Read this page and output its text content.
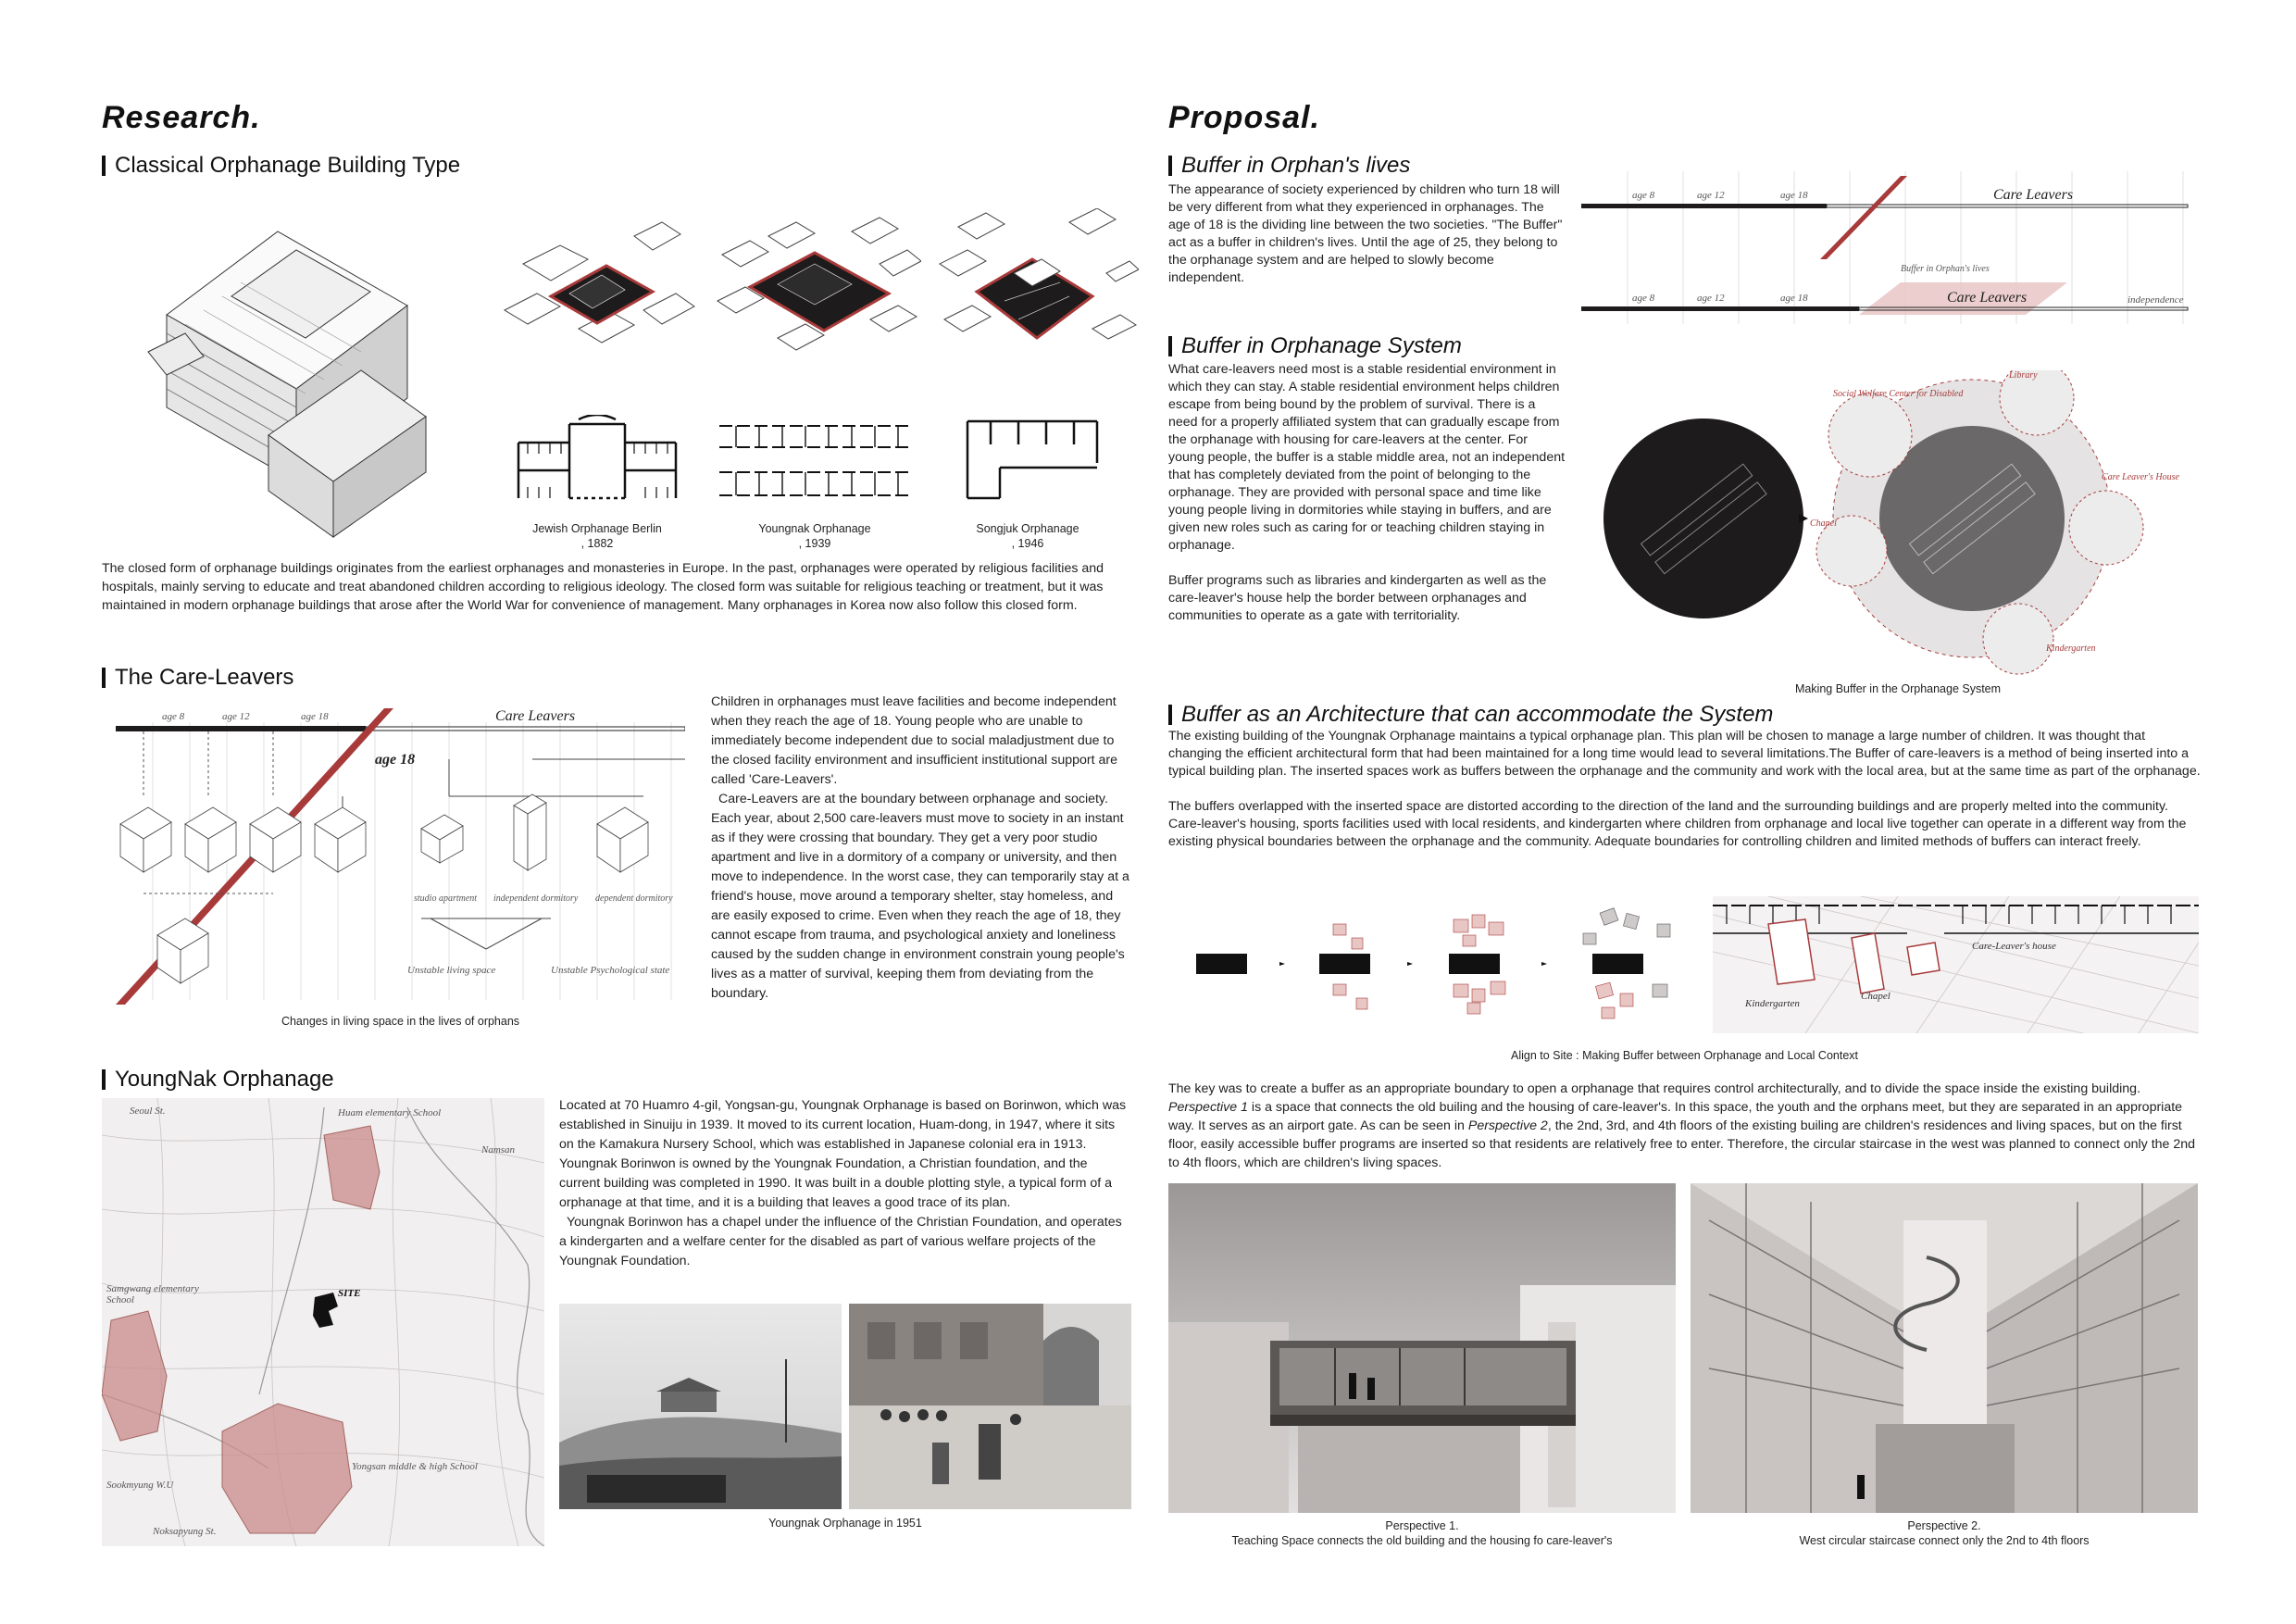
Research.
Classical Orphanage Building Type
Jewish Orphanage Berlin
, 1882
Youngnak Orphanage
, 1939
Songjuk Orphanage
, 1946
The closed form of orphanage buildings originates from the earliest orphanages and monasteries in Europe. In the past, orphanages were operated by religious facilities and hospitals, mainly serving to educate and treat abandoned children according to religious ideology. The closed form was suitable for religious teaching or treatment, but it was maintained in modern orphanage buildings that arose after the World War for convenience of management. Many orphanages in Korea now also follow this closed form.
The Care-Leavers
age 8	age 12	age 18	Care Leavers
age 18
studio apartment independent dormitory dependent dormitory
Unstable living space	Unstable Psychological state
Changes in living space in the lives of orphans
Children in orphanages must leave facilities and become independent when they reach the age of 18. Young people who are unable to immediately become independent due to social maladjustment due to the closed facility environment and insufficient institutional support are called 'Care-Leavers'.
Care-Leavers are at the boundary between orphanage and society. Each year, about 2,500 care-leavers must move to society in an instant as if they were crossing that boundary. They get a very poor studio apartment and live in a dormitory of a company or university, and then move to independence. In the worst case, they can temporarily stay at a friend's house, move around a temporary shelter, stay homeless, and are easily exposed to crime. Even when they reach the age of 18, they cannot escape from trauma, and psychological anxiety and loneliness caused by the sudden change in environment constrain young people's lives as a matter of survival, keeping them from deviating from the boundary.
YoungNak Orphanage
Seoul St.	Huam elementary School
Namsan
Samgwang elementary School
SITE
Yongsan middle & high School
Sookmyung W.U
Noksapyung St.
Located at 70 Huamro 4-gil, Yongsan-gu, Youngnak Orphanage is based on Borinwon, which was established in Sinuiju in 1939. It moved to its current location, Huam-dong, in 1947, where it sits on the Kamakura Nursery School, which was established in Japanese colonial era in 1913. Youngnak Borinwon is owned by the Youngnak Foundation, a Christian foundation, and the current building was completed in 1990. It was built in a double plotting style, a typical form of a orphanage at that time, and it is a building that leaves a good trace of its plan.
Youngnak Borinwon has a chapel under the influence of the Christian Foundation, and operates a kindergarten and a welfare center for the disabled as part of various welfare projects of the Youngnak Foundation.
Youngnak Orphanage in 1951
Proposal.
Buffer in Orphan's lives
The appearance of society experienced by children who turn 18 will be very different from what they experienced in orphanages. The age of 18 is the dividing line between the two societies. "The Buffer" act as a buffer in children's lives. Until the age of 25, they belong to the orphanage system and are helped to slowly become independent.
age 8	age 12	age 18	Care Leavers
Buffer in Orphan's lives
age 8	age 12	age 18	Care Leavers	independence
Buffer in Orphanage System
What care-leavers need most is a stable residential environment in which they can stay. A stable residential environment helps children escape from being bound by the problem of survival. There is a need for a properly affiliated system that can gradually escape from the orphanage with housing for care-leavers at the center. For young people, the buffer is a stable middle area, not an independent that has completely deviated from the point of belonging to the orphanage. They are provided with personal space and time like young people living in dormitories while staying in buffers, and are given new roles such as caring for or teaching children staying in orphanage.
Buffer programs such as libraries and kindergarten as well as the care-leaver's house help the border between orphanages and communities to operate as a gate with territoriality.
Social Welfare Center for Disabled
Library
Care Leaver's House
Chapel
Kindergarten
Making Buffer in the Orphanage System
Buffer as an Architecture that can accommodate the System
The existing building of the Youngnak Orphanage maintains a typical orphanage plan. This plan will be chosen to manage a large number of children. It was thought that changing the efficient architectural form that had been maintained for a long time would lead to several limitations.The Buffer of care-leavers is a method of being inserted into a typical building plan. The inserted spaces work as buffers between the orphanage and the community and work with the local area, but at the same time as part of the orphanage.
The buffers overlapped with the inserted space are distorted according to the direction of the land and the surrounding buildings and are properly melted into the community. Care-leaver's housing, sports facilities used with local residents, and kindergarten where children from orphanage and local live together can operate in a different way from the existing physical boundaries between the orphanage and the community. Adequate boundaries for controlling children and limited methods of buffers can interact freely.
Care-Leaver's house
Kindergarten
Chapel
Align to Site : Making Buffer between Orphanage and Local Context
The key was to create a buffer as an appropriate boundary to open a orphanage that requires control architecturally, and to divide the space inside the existing building. Perspective 1 is a space that connects the old builing and the housing of care-leaver's. In this space, the youth and the orphans meet, but they are separated in an appropriate way. It serves as an airport gate. As can be seen in Perspective 2, the 2nd, 3rd, and 4th floors of the existing builing are children's residences and living spaces, but on the first floor, easily accessible buffer programs are inserted so that residents are relatively free to enter. Therefore, the circular staircase in the west was planned to connect only the 2nd to 4th floors, which are children's living spaces.
Perspective 1.
Teaching Space connects the old building and the housing fo care-leaver's
Perspective 2.
West circular staircase connect only the 2nd to 4th floors
